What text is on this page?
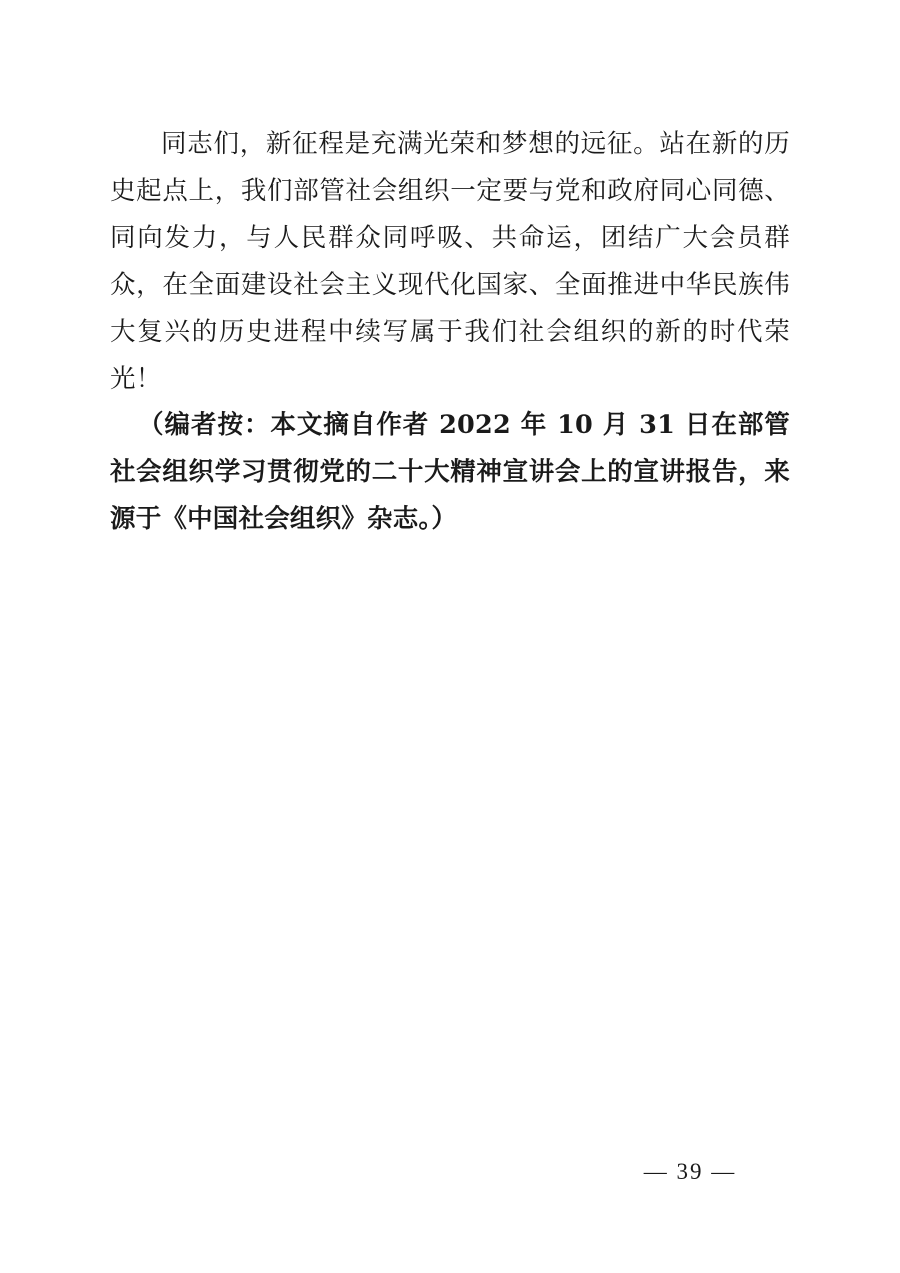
同志们，新征程是充满光荣和梦想的远征。站在新的历史起点上，我们部管社会组织一定要与党和政府同心同德、同向发力，与人民群众同呼吸、共命运，团结广大会员群众，在全面建设社会主义现代化国家、全面推进中华民族伟大复兴的历史进程中续写属于我们社会组织的新的时代荣光！

（编者按：本文摘自作者 2022 年 10 月 31 日在部管社会组织学习贯彻党的二十大精神宣讲会上的宣讲报告，来源于《中国社会组织》杂志。）

— 39 —
